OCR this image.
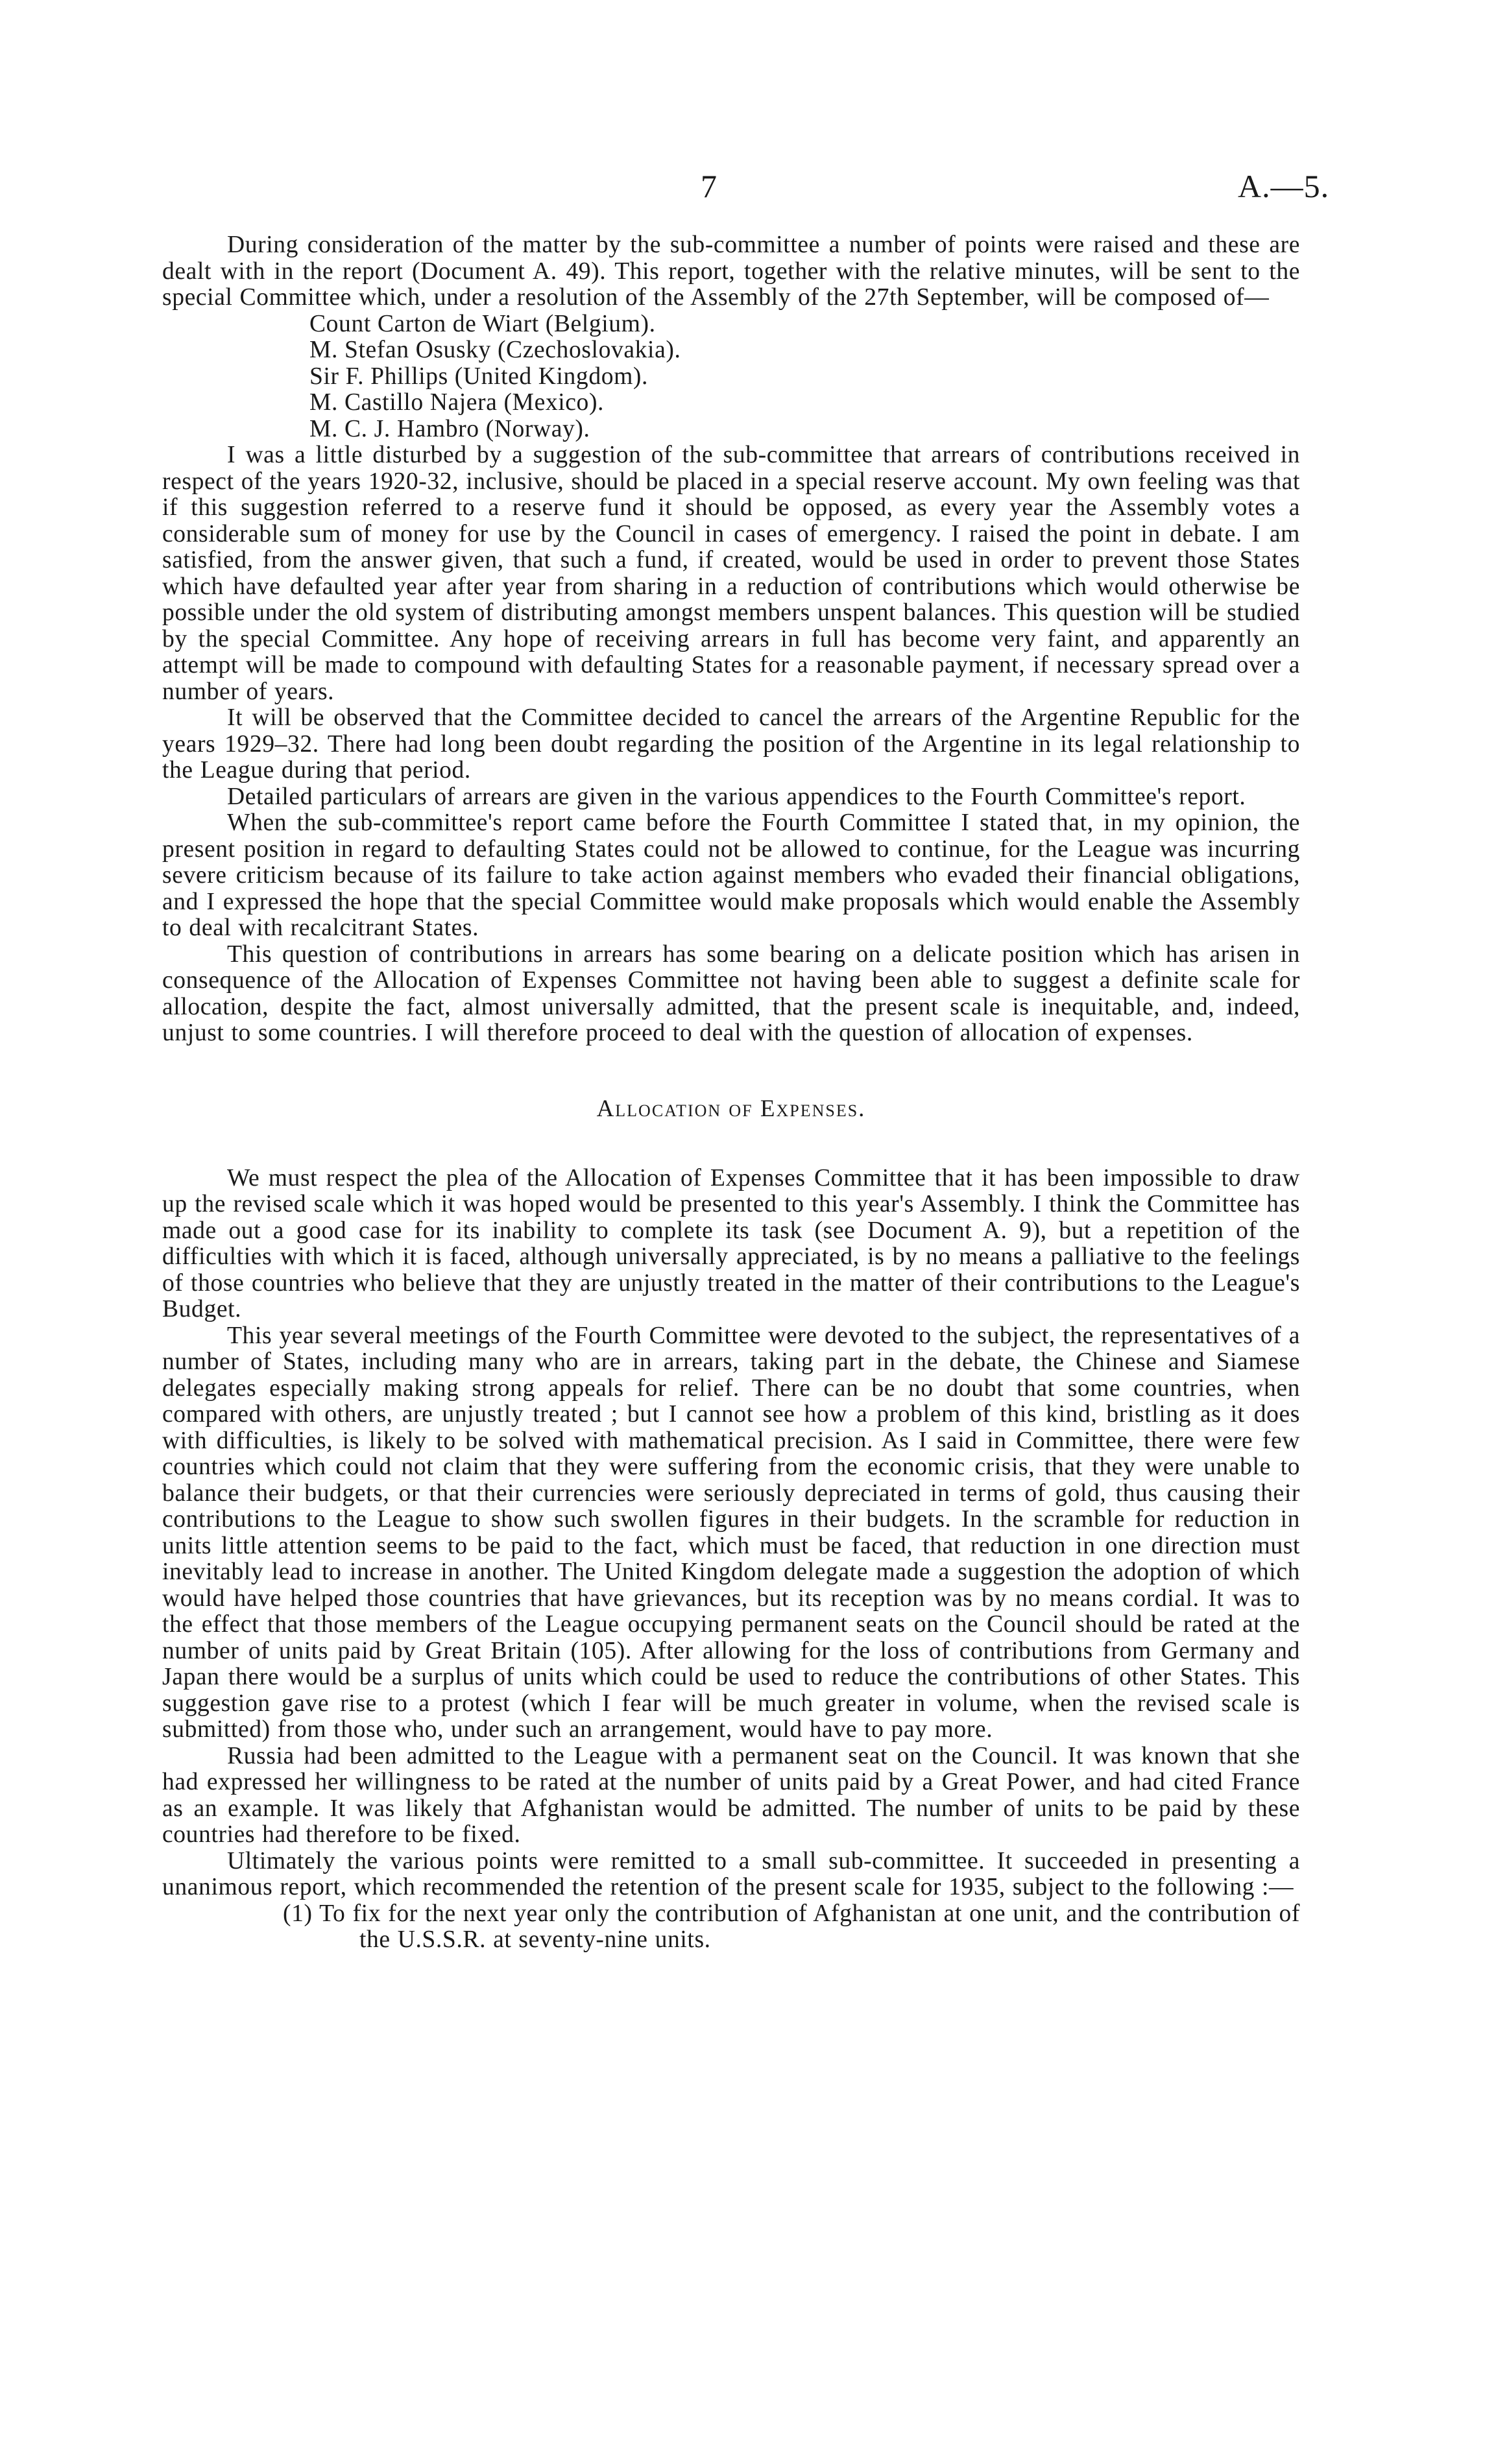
7	A.—5.

During consideration of the matter by the sub-committee a number of points were raised and these are dealt with in the report (Document A. 49). This report, together with the relative minutes, will be sent to the special Committee which, under a resolution of the Assembly of the 27th September, will be composed of—

Count Carton de Wiart (Belgium).
M. Stefan Osusky (Czechoslovakia).
Sir F. Phillips (United Kingdom).
M. Castillo Najera (Mexico).
M. C. J. Hambro (Norway).

I was a little disturbed by a suggestion of the sub-committee that arrears of contributions received in respect of the years 1920-32, inclusive, should be placed in a special reserve account. My own feeling was that if this suggestion referred to a reserve fund it should be opposed, as every year the Assembly votes a considerable sum of money for use by the Council in cases of emergency. I raised the point in debate. I am satisfied, from the answer given, that such a fund, if created, would be used in order to prevent those States which have defaulted year after year from sharing in a reduction of contributions which would otherwise be possible under the old system of distributing amongst members unspent balances. This question will be studied by the special Committee. Any hope of receiving arrears in full has become very faint, and apparently an attempt will be made to compound with defaulting States for a reasonable payment, if necessary spread over a number of years.

It will be observed that the Committee decided to cancel the arrears of the Argentine Republic for the years 1929–32. There had long been doubt regarding the position of the Argentine in its legal relationship to the League during that period.

Detailed particulars of arrears are given in the various appendices to the Fourth Committee's report.

When the sub-committee's report came before the Fourth Committee I stated that, in my opinion, the present position in regard to defaulting States could not be allowed to continue, for the League was incurring severe criticism because of its failure to take action against members who evaded their financial obligations, and I expressed the hope that the special Committee would make proposals which would enable the Assembly to deal with recalcitrant States.

This question of contributions in arrears has some bearing on a delicate position which has arisen in consequence of the Allocation of Expenses Committee not having been able to suggest a definite scale for allocation, despite the fact, almost universally admitted, that the present scale is inequitable, and, indeed, unjust to some countries. I will therefore proceed to deal with the question of allocation of expenses.

Allocation of Expenses.

We must respect the plea of the Allocation of Expenses Committee that it has been impossible to draw up the revised scale which it was hoped would be presented to this year's Assembly. I think the Committee has made out a good case for its inability to complete its task (see Document A. 9), but a repetition of the difficulties with which it is faced, although universally appreciated, is by no means a palliative to the feelings of those countries who believe that they are unjustly treated in the matter of their contributions to the League's Budget.

This year several meetings of the Fourth Committee were devoted to the subject, the representatives of a number of States, including many who are in arrears, taking part in the debate, the Chinese and Siamese delegates especially making strong appeals for relief. There can be no doubt that some countries, when compared with others, are unjustly treated ; but I cannot see how a problem of this kind, bristling as it does with difficulties, is likely to be solved with mathematical precision. As I said in Committee, there were few countries which could not claim that they were suffering from the economic crisis, that they were unable to balance their budgets, or that their currencies were seriously depreciated in terms of gold, thus causing their contributions to the League to show such swollen figures in their budgets. In the scramble for reduction in units little attention seems to be paid to the fact, which must be faced, that reduction in one direction must inevitably lead to increase in another. The United Kingdom delegate made a suggestion the adoption of which would have helped those countries that have grievances, but its reception was by no means cordial. It was to the effect that those members of the League occupying permanent seats on the Council should be rated at the number of units paid by Great Britain (105). After allowing for the loss of contributions from Germany and Japan there would be a surplus of units which could be used to reduce the contributions of other States. This suggestion gave rise to a protest (which I fear will be much greater in volume, when the revised scale is submitted) from those who, under such an arrangement, would have to pay more.

Russia had been admitted to the League with a permanent seat on the Council. It was known that she had expressed her willingness to be rated at the number of units paid by a Great Power, and had cited France as an example. It was likely that Afghanistan would be admitted. The number of units to be paid by these countries had therefore to be fixed.

Ultimately the various points were remitted to a small sub-committee. It succeeded in presenting a unanimous report, which recommended the retention of the present scale for 1935, subject to the following :—

(1) To fix for the next year only the contribution of Afghanistan at one unit, and the contribution of the U.S.S.R. at seventy-nine units.
